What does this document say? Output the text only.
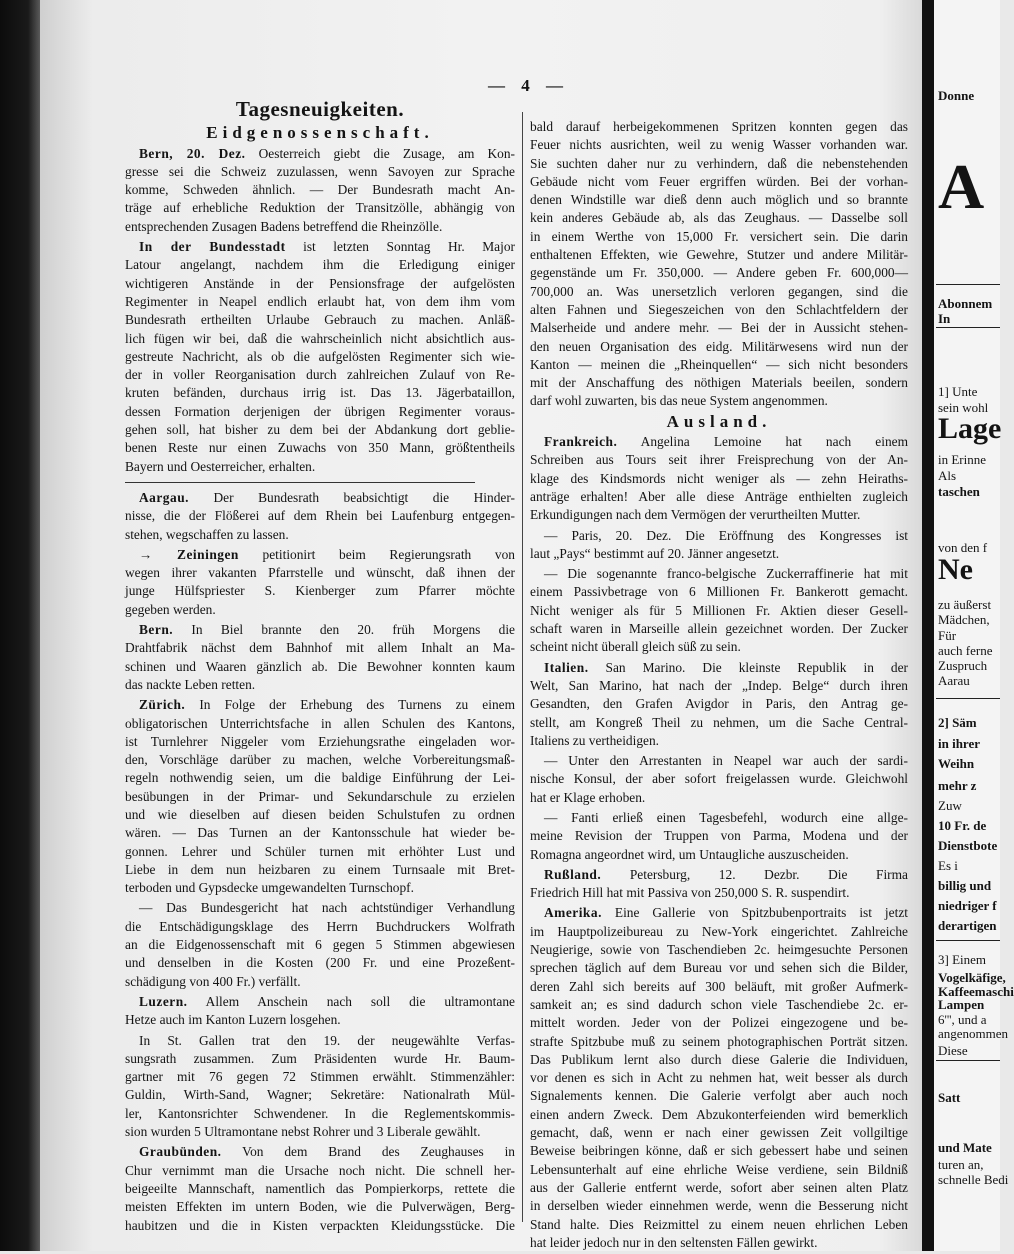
— 4 —
Tagesneuigkeiten.
Eidgenossenschaft.
Bern, 20. Dez. Oesterreich giebt die Zusage, am Kon-
gresse sei die Schweiz zuzulassen, wenn Savoyen zur Sprache
komme, Schweden ähnlich. — Der Bundesrath macht An-
träge auf erhebliche Reduktion der Transitzölle, abhängig von
entsprechenden Zusagen Badens betreffend die Rheinzölle.
In der Bundesstadt ist letzten Sonntag Hr. Major
Latour angelangt, nachdem ihm die Erledigung einiger
wichtigeren Anstände in der Pensionsfrage der aufgelösten
Regimenter in Neapel endlich erlaubt hat, von dem ihm vom
Bundesrath ertheilten Urlaube Gebrauch zu machen. Anläß-
lich fügen wir bei, daß die wahrscheinlich nicht absichtlich aus-
gestreute Nachricht, als ob die aufgelösten Regimenter sich wie-
der in voller Reorganisation durch zahlreichen Zulauf von Re-
kruten befänden, durchaus irrig ist. Das 13. Jägerbataillon,
dessen Formation derjenigen der übrigen Regimenter voraus-
gehen soll, hat bisher zu dem bei der Abdankung dort geblie-
benen Reste nur einen Zuwachs von 350 Mann, größtentheils
Bayern und Oesterreicher, erhalten.
Aargau. Der Bundesrath beabsichtigt die Hinder-
nisse, die der Flößerei auf dem Rhein bei Laufenburg entgegen-
stehen, wegschaffen zu lassen.
→ Zeiningen petitionirt beim Regierungsrath von
wegen ihrer vakanten Pfarrstelle und wünscht, daß ihnen der
junge Hülfspriester S. Kienberger zum Pfarrer möchte
gegeben werden.
Bern. In Biel brannte den 20. früh Morgens die
Drahtfabrik nächst dem Bahnhof mit allem Inhalt an Ma-
schinen und Waaren gänzlich ab. Die Bewohner konnten kaum
das nackte Leben retten.
Zürich. In Folge der Erhebung des Turnens zu einem
obligatorischen Unterrichtsfache in allen Schulen des Kantons,
ist Turnlehrer Niggeler vom Erziehungsrathe eingeladen wor-
den, Vorschläge darüber zu machen, welche Vorbereitungsmaß-
regeln nothwendig seien, um die baldige Einführung der Lei-
besübungen in der Primar- und Sekundarschule zu erzielen
und wie dieselben auf diesen beiden Schulstufen zu ordnen
wären. — Das Turnen an der Kantonsschule hat wieder be-
gonnen. Lehrer und Schüler turnen mit erhöhter Lust und
Liebe in dem nun heizbaren zu einem Turnsaale mit Bret-
terboden und Gypsdecke umgewandelten Turnschopf.
— Das Bundesgericht hat nach achtstündiger Verhandlung
die Entschädigungsklage des Herrn Buchdruckers Wolfrath
an die Eidgenossenschaft mit 6 gegen 5 Stimmen abgewiesen
und denselben in die Kosten (200 Fr. und eine Prozeßent-
schädigung von 400 Fr.) verfällt.
Luzern. Allem Anschein nach soll die ultramontane
Hetze auch im Kanton Luzern losgehen.
In St. Gallen trat den 19. der neugewählte Verfas-
sungsrath zusammen. Zum Präsidenten wurde Hr. Baum-
gartner mit 76 gegen 72 Stimmen erwählt. Stimmenzähler:
Guldin, Wirth-Sand, Wagner; Sekretäre: Nationalrath Mül-
ler, Kantonsrichter Schwendener. In die Reglementskommis-
sion wurden 5 Ultramontane nebst Rohrer und 3 Liberale gewählt.
Graubünden. Von dem Brand des Zeughauses in
Chur vernimmt man die Ursache noch nicht. Die schnell her-
beigeeilte Mannschaft, namentlich das Pompierkorps, rettete die
meisten Effekten im untern Boden, wie die Pulverwägen, Berg-
haubitzen und die in Kisten verpackten Kleidungsstücke. Die
bald darauf herbeigekommenen Spritzen konnten gegen das
Feuer nichts ausrichten, weil zu wenig Wasser vorhanden war.
Sie suchten daher nur zu verhindern, daß die nebenstehenden
Gebäude nicht vom Feuer ergriffen würden. Bei der vorhan-
denen Windstille war dieß denn auch möglich und so brannte
kein anderes Gebäude ab, als das Zeughaus. — Dasselbe soll
in einem Werthe von 15,000 Fr. versichert sein. Die darin
enthaltenen Effekten, wie Gewehre, Stutzer und andere Militär-
gegenstände um Fr. 350,000. — Andere geben Fr. 600,000—
700,000 an. Was unersetzlich verloren gegangen, sind die
alten Fahnen und Siegeszeichen von den Schlachtfeldern der
Malserheide und andere mehr. — Bei der in Aussicht stehen-
den neuen Organisation des eidg. Militärwesens wird nun der
Kanton — meinen die „Rheinquellen“ — sich nicht besonders
mit der Anschaffung des nöthigen Materials beeilen, sondern
darf wohl zuwarten, bis das neue System angenommen.
Ausland.
Frankreich. Angelina Lemoine hat nach einem
Schreiben aus Tours seit ihrer Freisprechung von der An-
klage des Kindsmords nicht weniger als — zehn Heiraths-
anträge erhalten! Aber alle diese Anträge enthielten zugleich
Erkundigungen nach dem Vermögen der verurtheilten Mutter.
— Paris, 20. Dez. Die Eröffnung des Kongresses ist
laut „Pays“ bestimmt auf 20. Jänner angesetzt.
— Die sogenannte franco-belgische Zuckerraffinerie hat mit
einem Passivbetrage von 6 Millionen Fr. Bankerott gemacht.
Nicht weniger als für 5 Millionen Fr. Aktien dieser Gesell-
schaft waren in Marseille allein gezeichnet worden. Der Zucker
scheint nicht überall gleich süß zu sein.
Italien. San Marino. Die kleinste Republik in der
Welt, San Marino, hat nach der „Indep. Belge“ durch ihren
Gesandten, den Grafen Avigdor in Paris, den Antrag ge-
stellt, am Kongreß Theil zu nehmen, um die Sache Central-
Italiens zu vertheidigen.
— Unter den Arrestanten in Neapel war auch der sardi-
nische Konsul, der aber sofort freigelassen wurde. Gleichwohl
hat er Klage erhoben.
— Fanti erließ einen Tagesbefehl, wodurch eine allge-
meine Revision der Truppen von Parma, Modena und der
Romagna angeordnet wird, um Untaugliche auszuscheiden.
Rußland. Petersburg, 12. Dezbr. Die Firma
Friedrich Hill hat mit Passiva von 250,000 S. R. suspendirt.
Amerika. Eine Gallerie von Spitzbubenportraits ist jetzt
im Hauptpolizeibureau zu New-York eingerichtet. Zahlreiche
Neugierige, sowie von Taschendieben 2c. heimgesuchte Personen
sprechen täglich auf dem Bureau vor und sehen sich die Bilder,
deren Zahl sich bereits auf 300 beläuft, mit großer Aufmerk-
samkeit an; es sind dadurch schon viele Taschendiebe 2c. er-
mittelt worden. Jeder von der Polizei eingezogene und be-
strafte Spitzbube muß zu seinem photographischen Porträt sitzen.
Das Publikum lernt also durch diese Galerie die Individuen,
vor denen es sich in Acht zu nehmen hat, weit besser als durch
Signalements kennen. Die Galerie verfolgt aber auch noch
einen andern Zweck. Dem Abzukonterfeienden wird bemerklich
gemacht, daß, wenn er nach einer gewissen Zeit vollgiltige
Beweise beibringen könne, daß er sich gebessert habe und seinen
Lebensunterhalt auf eine ehrliche Weise verdiene, sein Bildniß
aus der Gallerie entfernt werde, sofort aber seinen alten Platz
in derselben wieder einnehmen werde, wenn die Besserung nicht
Stand halte. Dies Reizmittel zu einem neuen ehrlichen Leben
hat leider jedoch nur in den seltensten Fällen gewirkt.
Donne
A
Abonnem
In
1] Unte
sein wohl
Lage
in Erinne
Als
taschen
von den f
Ne
zu äußerst
Mädchen,
Für
auch ferne
Zuspruch
Aarau
2] Säm
in ihrer
Weihn
mehr z
Zuw
10 Fr. de
Dienstbote
Es i
billig und
niedriger f
derartigen
3] Einem
Vogelkäfige,
Kaffeemaschi
Lampen
6''', und a
angenommen
Diese
Satt
und Mate
turen an,
schnelle Bedi
